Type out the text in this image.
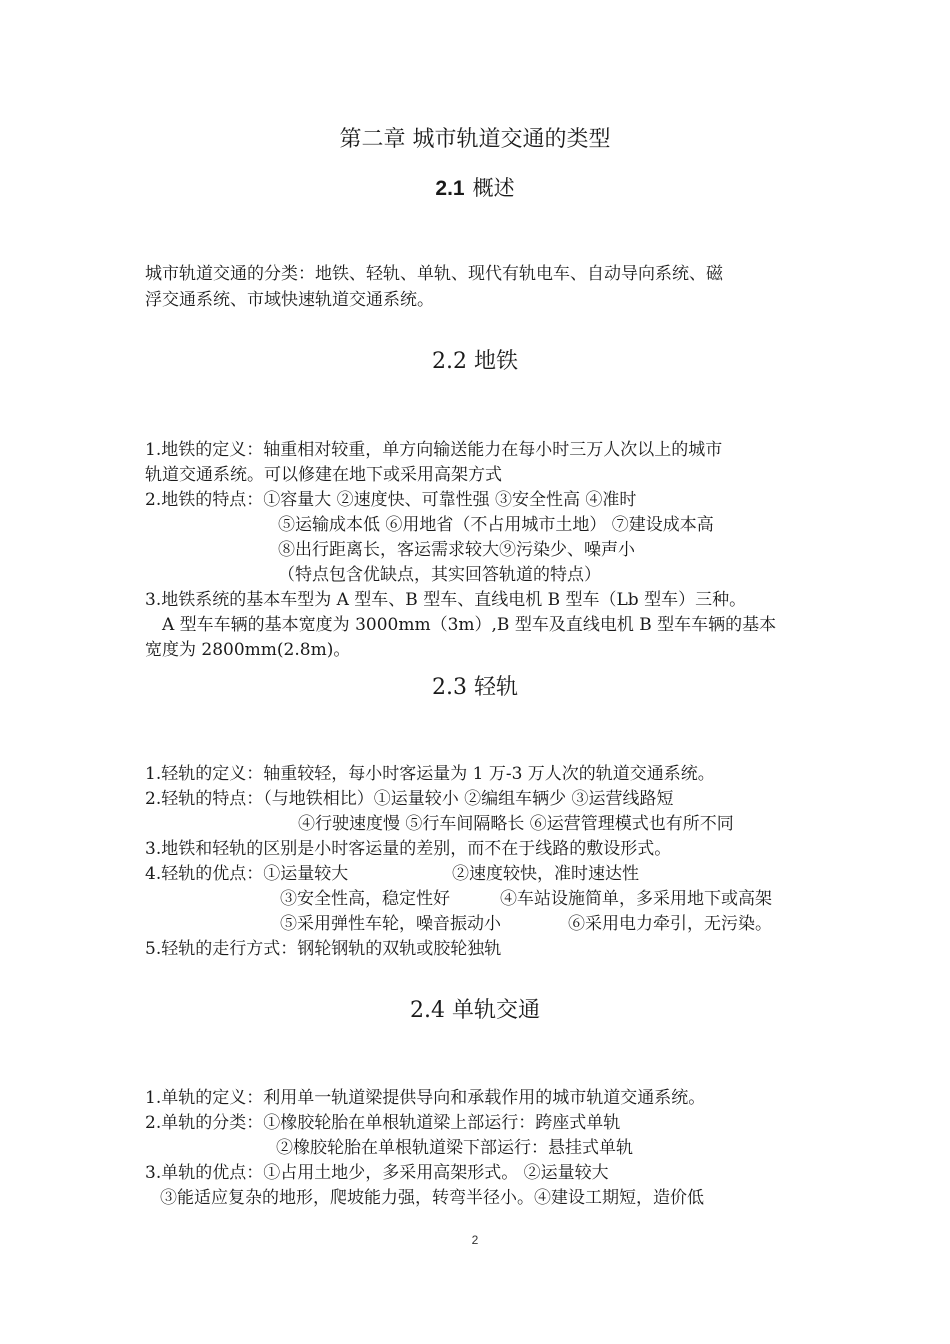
第二章 城市轨道交通的类型
2.1 概述
城市轨道交通的分类：地铁、轻轨、单轨、现代有轨电车、自动导向系统、磁
浮交通系统、市域快速轨道交通系统。
2.2 地铁
1.地铁的定义：轴重相对较重，单方向输送能力在每小时三万人次以上的城市
轨道交通系统。可以修建在地下或采用高架方式
2.地铁的特点：①容量大 ②速度快、可靠性强 ③安全性高 ④准时
⑤运输成本低 ⑥用地省（不占用城市土地） ⑦建设成本高
⑧出行距离长，客运需求较大⑨污染少、噪声小
（特点包含优缺点，其实回答轨道的特点）
3.地铁系统的基本车型为 A 型车、B 型车、直线电机 B 型车（Lb 型车）三种。
A 型车车辆的基本宽度为 3000mm（3m）,B 型车及直线电机 B 型车车辆的基本
宽度为 2800mm(2.8m)。
2.3 轻轨
1.轻轨的定义：轴重较轻，每小时客运量为 1 万-3 万人次的轨道交通系统。
2.轻轨的特点：（与地铁相比）①运量较小 ②编组车辆少 ③运营线路短
④行驶速度慢 ⑤行车间隔略长 ⑥运营管理模式也有所不同
3.地铁和轻轨的区别是小时客运量的差别，而不在于线路的敷设形式。
4.轻轨的优点：①运量较大	②速度较快，准时速达性
③安全性高，稳定性好	④车站设施简单，多采用地下或高架
⑤采用弹性车轮，噪音振动小	⑥采用电力牵引，无污染。
5.轻轨的走行方式：钢轮钢轨的双轨或胶轮独轨
2.4 单轨交通
1.单轨的定义：利用单一轨道梁提供导向和承载作用的城市轨道交通系统。
2.单轨的分类：①橡胶轮胎在单根轨道梁上部运行：跨座式单轨
②橡胶轮胎在单根轨道梁下部运行：悬挂式单轨
3.单轨的优点：①占用土地少，多采用高架形式。 ②运量较大
③能适应复杂的地形，爬坡能力强，转弯半径小。④建设工期短，造价低
2
